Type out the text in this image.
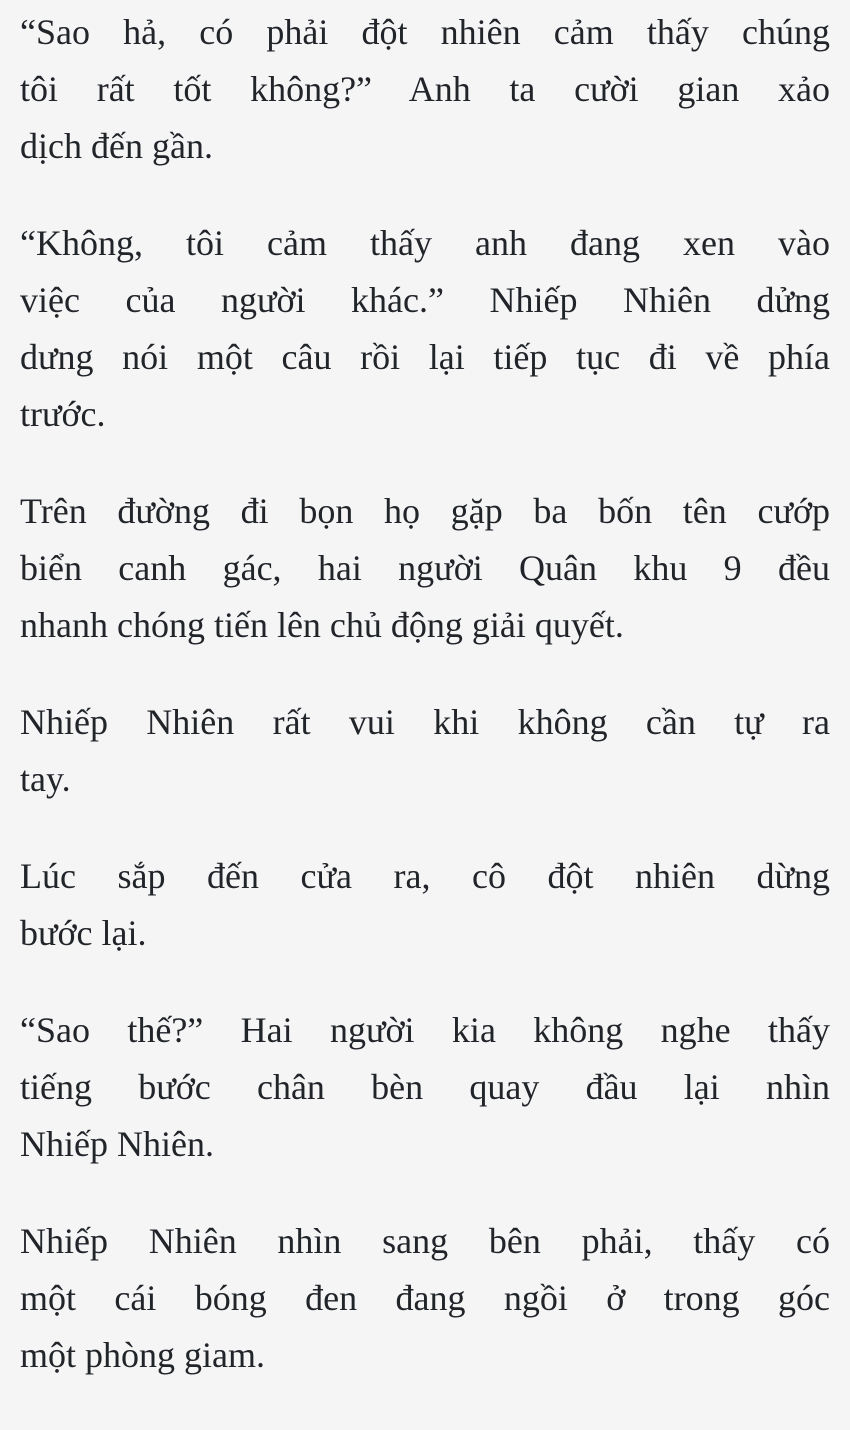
“Sao hả, có phải đột nhiên cảm thấy chúng
tôi rất tốt không?” Anh ta cười gian xảo
dịch đến gần.

“Không, tôi cảm thấy anh đang xen vào
việc của người khác.” Nhiếp Nhiên dửng
dưng nói một câu rồi lại tiếp tục đi về phía
trước.

Trên đường đi bọn họ gặp ba bốn tên cướp
biển canh gác, hai người Quân khu 9 đều
nhanh chóng tiến lên chủ động giải quyết.

Nhiếp Nhiên rất vui khi không cần tự ra
tay.

Lúc sắp đến cửa ra, cô đột nhiên dừng
bước lại.

“Sao thế?” Hai người kia không nghe thấy
tiếng bước chân bèn quay đầu lại nhìn
Nhiếp Nhiên.

Nhiếp Nhiên nhìn sang bên phải, thấy có
một cái bóng đen đang ngồi ở trong góc
một phòng giam.
